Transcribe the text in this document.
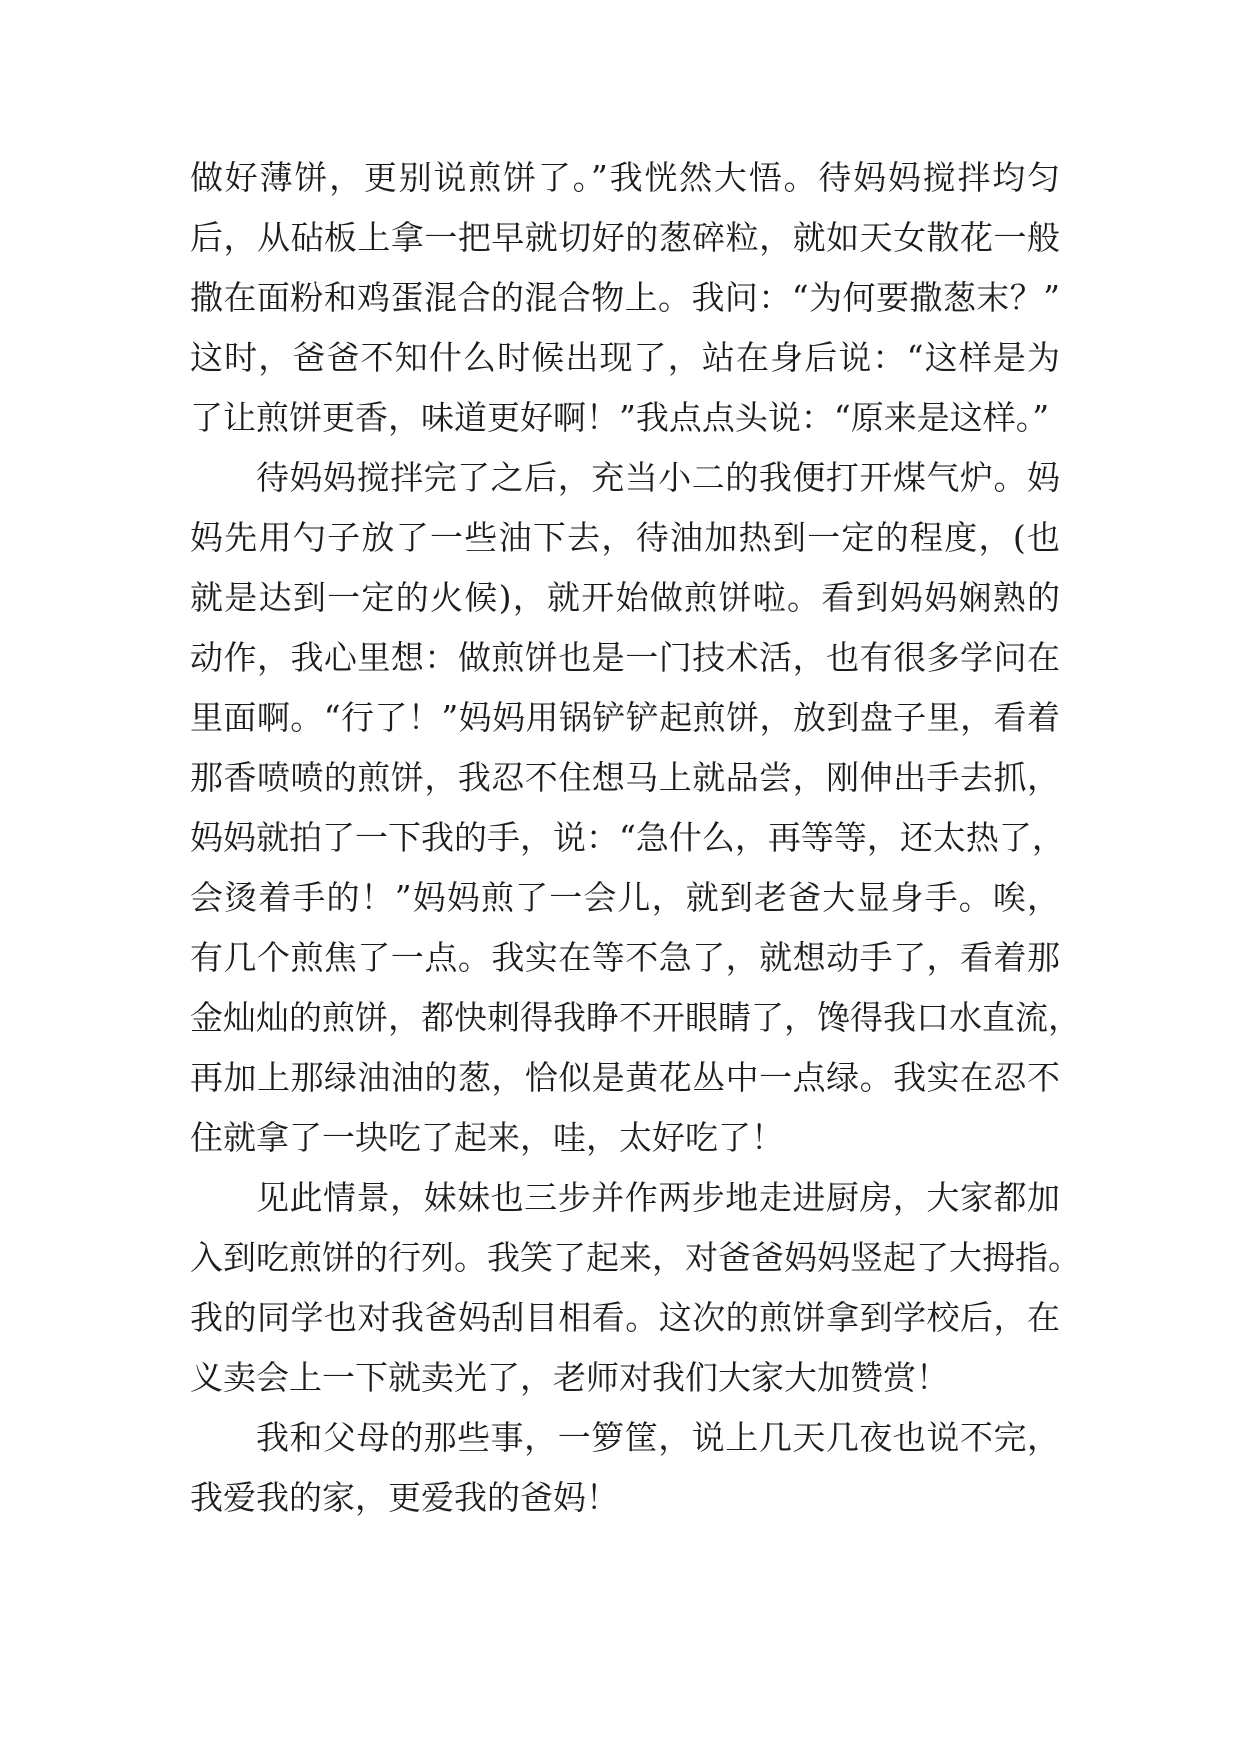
做好薄饼，更别说煎饼了。”我恍然大悟。待妈妈搅拌均匀
后，从砧板上拿一把早就切好的葱碎粒，就如天女散花一般
撒在面粉和鸡蛋混合的混合物上。我问：“为何要撒葱末？”
这时，爸爸不知什么时候出现了，站在身后说：“这样是为
了让煎饼更香，味道更好啊！”我点点头说：“原来是这样。”
待妈妈搅拌完了之后，充当小二的我便打开煤气炉。妈
妈先用勺子放了一些油下去，待油加热到一定的程度，(也
就是达到一定的火候)，就开始做煎饼啦。看到妈妈娴熟的
动作，我心里想：做煎饼也是一门技术活，也有很多学问在
里面啊。“行了！”妈妈用锅铲铲起煎饼，放到盘子里，看着
那香喷喷的煎饼，我忍不住想马上就品尝，刚伸出手去抓，
妈妈就拍了一下我的手，说：“急什么，再等等，还太热了，
会烫着手的！”妈妈煎了一会儿，就到老爸大显身手。唉，
有几个煎焦了一点。我实在等不急了，就想动手了，看着那
金灿灿的煎饼，都快刺得我睁不开眼睛了，馋得我口水直流，
再加上那绿油油的葱，恰似是黄花丛中一点绿。我实在忍不
住就拿了一块吃了起来，哇，太好吃了！
见此情景，妹妹也三步并作两步地走进厨房，大家都加
入到吃煎饼的行列。我笑了起来，对爸爸妈妈竖起了大拇指。
我的同学也对我爸妈刮目相看。这次的煎饼拿到学校后，在
义卖会上一下就卖光了，老师对我们大家大加赞赏！
我和父母的那些事，一箩筐，说上几天几夜也说不完，
我爱我的家，更爱我的爸妈！
